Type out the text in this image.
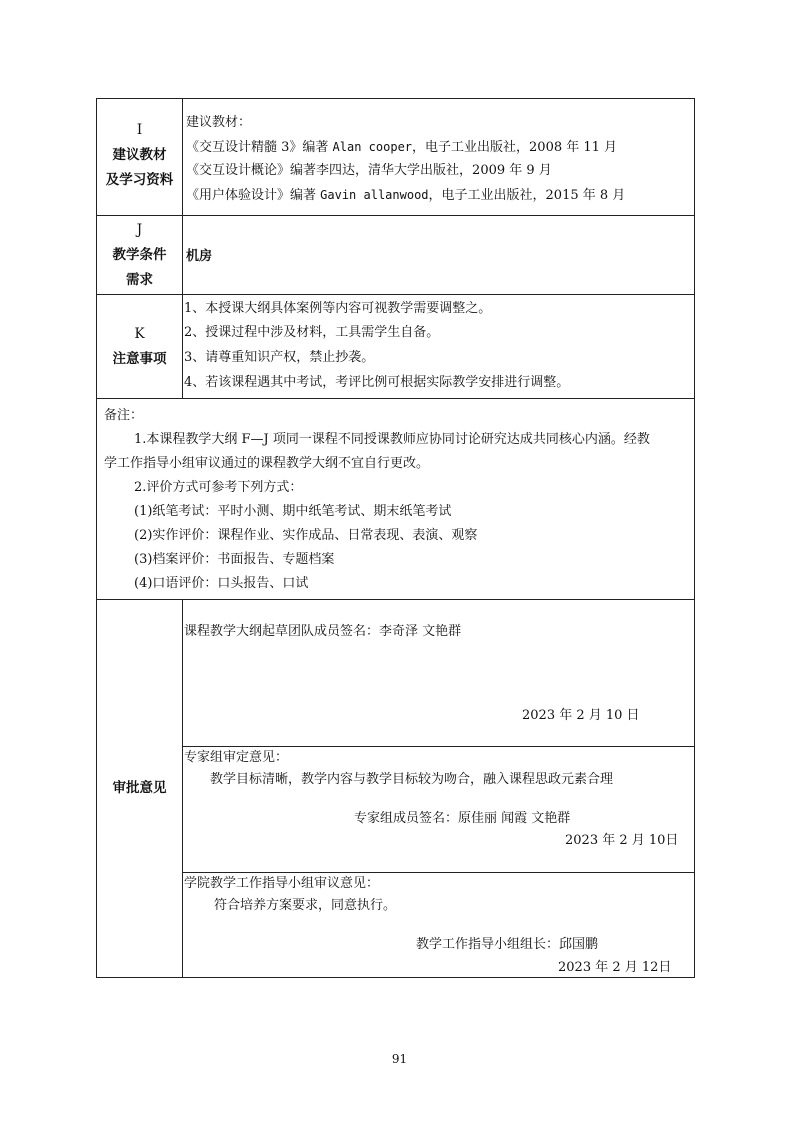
I
建议教材
及学习资料
建议教材：
《交互设计精髓 3》编著 Alan cooper，电子工业出版社，2008 年 11 月
《交互设计概论》编著李四达，清华大学出版社，2009 年 9 月
《用户体验设计》编著 Gavin allanwood，电子工业出版社，2015 年 8 月
J
教学条件
需求
机房
K
注意事项
1、本授课大纲具体案例等内容可视教学需要调整之。
2、授课过程中涉及材料，工具需学生自备。
3、请尊重知识产权，禁止抄袭。
4、若该课程遇其中考试，考评比例可根据实际教学安排进行调整。
备注：
1.本课程教学大纲 F—J 项同一课程不同授课教师应协同讨论研究达成共同核心内涵。经教
学工作指导小组审议通过的课程教学大纲不宜自行更改。
2.评价方式可参考下列方式：
(1)纸笔考试：平时小测、期中纸笔考试、期末纸笔考试
(2)实作评价：课程作业、实作成品、日常表现、表演、观察
(3)档案评价：书面报告、专题档案
(4)口语评价：口头报告、口试
审批意见
课程教学大纲起草团队成员签名：李奇泽 文艳群
2023 年 2 月 10 日
专家组审定意见：
教学目标清晰，教学内容与教学目标较为吻合，融入课程思政元素合理
专家组成员签名：原佳丽 闻霞 文艳群
2023 年 2 月 10日
学院教学工作指导小组审议意见：
符合培养方案要求，同意执行。
教学工作指导小组组长：邱国鹏
2023 年 2 月 12日
91
